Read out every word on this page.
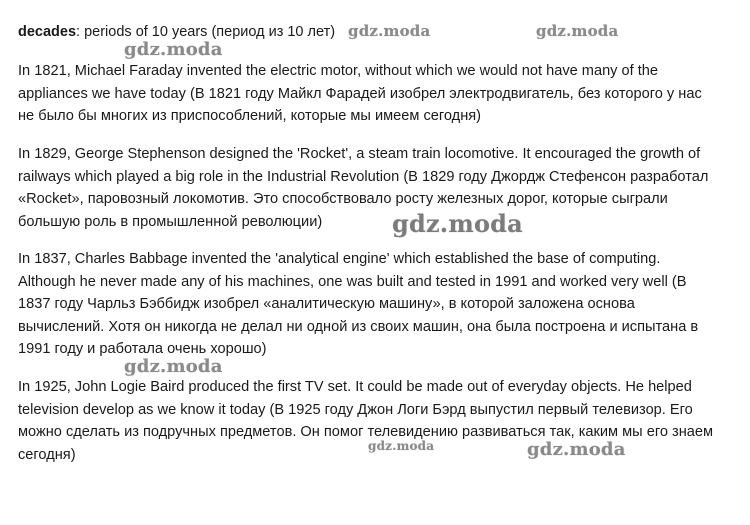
decades: periods of 10 years (период из 10 лет)

In 1821, Michael Faraday invented the electric motor, without which we would not have many of the appliances we have today (В 1821 году Майкл Фарадей изобрел электродвигатель, без которого у нас не было бы многих из приспособлений, которые мы имеем сегодня)

In 1829, George Stephenson designed the 'Rocket', a steam train locomotive. It encouraged the growth of railways which played a big role in the Industrial Revolution (В 1829 году Джордж Стефенсон разработал «Rocket», паровозный локомотив. Это способствовало росту железных дорог, которые сыграли большую роль в промышленной революции)

In 1837, Charles Babbage invented the 'analytical engine' which established the base of computing. Although he never made any of his machines, one was built and tested in 1991 and worked very well (В 1837 году Чарльз Бэббидж изобрел «аналитическую машину», в которой заложена основа вычислений. Хотя он никогда не делал ни одной из своих машин, она была построена и испытана в 1991 году и работала очень хорошо)

In 1925, John Logie Baird produced the first TV set. It could be made out of everyday objects. He helped television develop as we know it today (В 1925 году Джон Логи Бэрд выпустил первый телевизор. Его можно сделать из подручных предметов. Он помог телевидению развиваться так, каким мы его знаем сегодня)

gdz.moda	gdz.moda
gdz.moda
gdz.moda
gdz.moda
gdz.moda	gdz.moda
